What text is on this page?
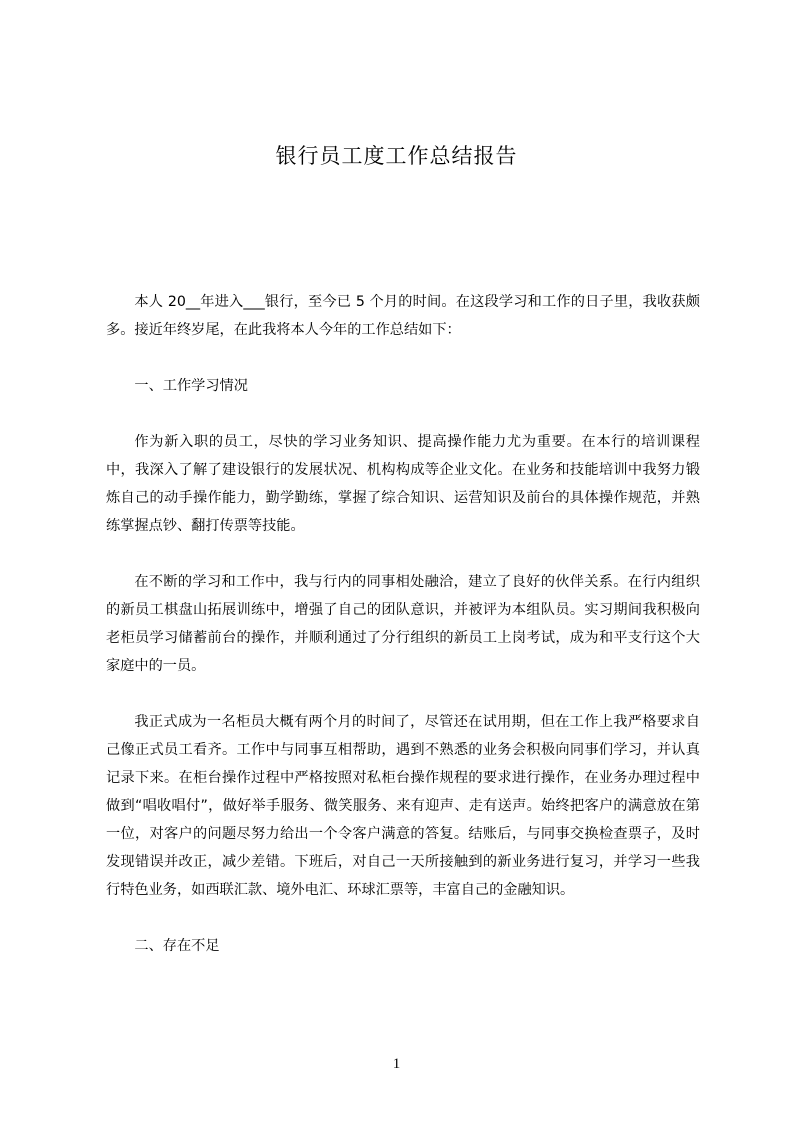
银行员工度工作总结报告

本人 20__年进入___银行，至今已 5 个月的时间。在这段学习和工作的日子里，我收获颇多。接近年终岁尾，在此我将本人今年的工作总结如下：

一、工作学习情况

作为新入职的员工，尽快的学习业务知识、提高操作能力尤为重要。在本行的培训课程中，我深入了解了建设银行的发展状况、机构构成等企业文化。在业务和技能培训中我努力锻炼自己的动手操作能力，勤学勤练，掌握了综合知识、运营知识及前台的具体操作规范，并熟练掌握点钞、翻打传票等技能。

在不断的学习和工作中，我与行内的同事相处融洽，建立了良好的伙伴关系。在行内组织的新员工棋盘山拓展训练中，增强了自己的团队意识，并被评为本组队员。实习期间我积极向老柜员学习储蓄前台的操作，并顺利通过了分行组织的新员工上岗考试，成为和平支行这个大家庭中的一员。

我正式成为一名柜员大概有两个月的时间了，尽管还在试用期，但在工作上我严格要求自己像正式员工看齐。工作中与同事互相帮助，遇到不熟悉的业务会积极向同事们学习，并认真记录下来。在柜台操作过程中严格按照对私柜台操作规程的要求进行操作，在业务办理过程中做到“唱收唱付”，做好举手服务、微笑服务、来有迎声、走有送声。始终把客户的满意放在第一位，对客户的问题尽努力给出一个令客户满意的答复。结账后，与同事交换检查票子，及时发现错误并改正，减少差错。下班后，对自己一天所接触到的新业务进行复习，并学习一些我行特色业务，如西联汇款、境外电汇、环球汇票等，丰富自己的金融知识。

二、存在不足

1
